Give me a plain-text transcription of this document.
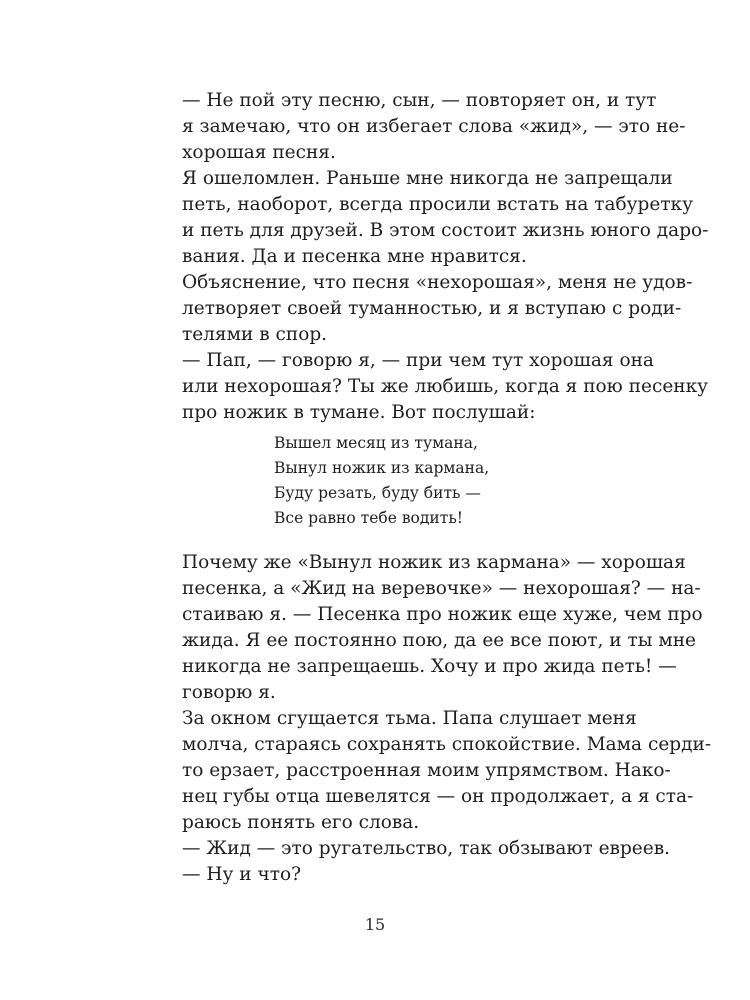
— Не пой эту песню, сын, — повторяет он, и тут
я замечаю, что он избегает слова «жид», — это не-
хорошая песня.
Я ошеломлен. Раньше мне никогда не запрещали
петь, наоборот, всегда просили встать на табуретку
и петь для друзей. В этом состоит жизнь юного даро-
вания. Да и песенка мне нравится.
Объяснение, что песня «нехорошая», меня не удов-
летворяет своей туманностью, и я вступаю с роди-
телями в спор.
— Пап, — говорю я, — при чем тут хорошая она
или нехорошая? Ты же любишь, когда я пою песенку
про ножик в тумане. Вот послушай:
Вышел месяц из тумана,
Вынул ножик из кармана,
Буду резать, буду бить —
Все равно тебе водить!
Почему же «Вынул ножик из кармана» — хорошая
песенка, а «Жид на веревочке» — нехорошая? — на-
стаиваю я. — Песенка про ножик еще хуже, чем про
жида. Я ее постоянно пою, да ее все поют, и ты мне
никогда не запрещаешь. Хочу и про жида петь! —
говорю я.
За окном сгущается тьма. Папа слушает меня
молча, стараясь сохранять спокойствие. Мама серди-
то ерзает, расстроенная моим упрямством. Нако-
нец губы отца шевелятся — он продолжает, а я ста-
раюсь понять его слова.
— Жид — это ругательство, так обзывают евреев.
— Ну и что?
15
